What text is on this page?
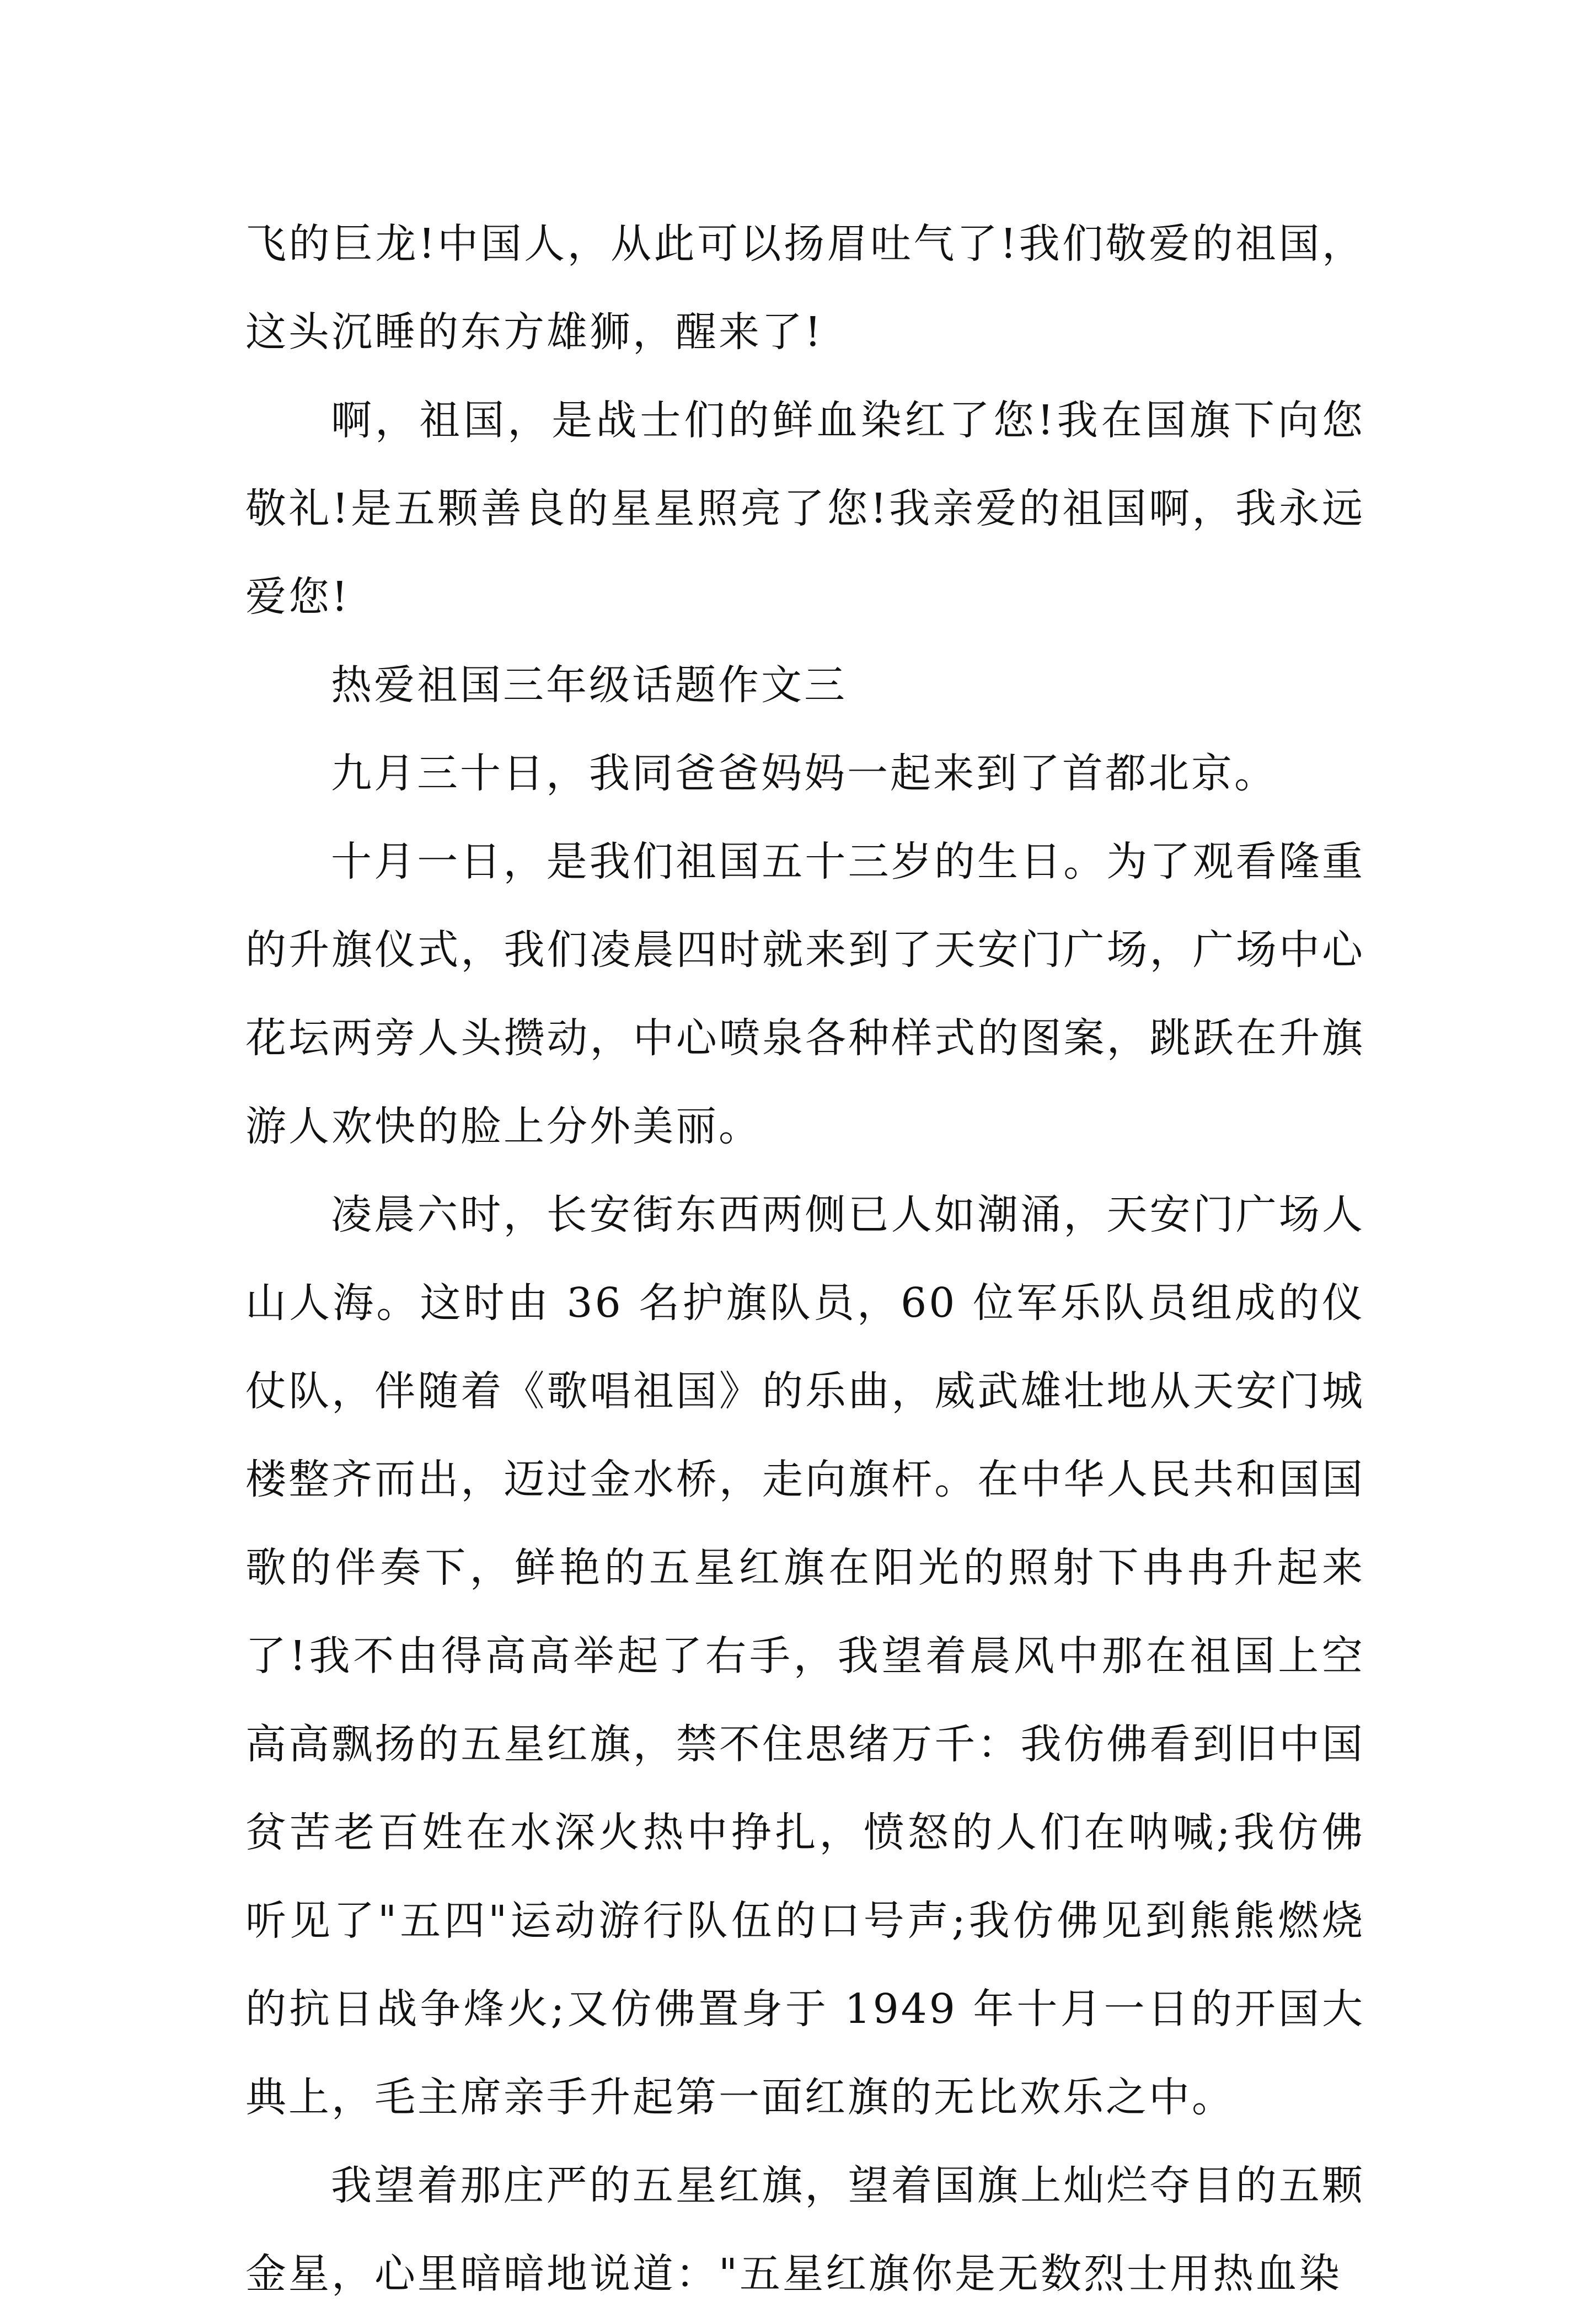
飞的巨龙!中国人，从此可以扬眉吐气了!我们敬爱的祖国，这头沉睡的东方雄狮，醒来了!

啊，祖国，是战士们的鲜血染红了您!我在国旗下向您敬礼!是五颗善良的星星照亮了您!我亲爱的祖国啊，我永远爱您!

热爱祖国三年级话题作文三

九月三十日，我同爸爸妈妈一起来到了首都北京。

十月一日，是我们祖国五十三岁的生日。为了观看隆重的升旗仪式，我们凌晨四时就来到了天安门广场，广场中心花坛两旁人头攒动，中心喷泉各种样式的图案，跳跃在升旗游人欢快的脸上分外美丽。

凌晨六时，长安街东西两侧已人如潮涌，天安门广场人山人海。这时由 36 名护旗队员，60 位军乐队员组成的仪仗队，伴随着《歌唱祖国》的乐曲，威武雄壮地从天安门城楼整齐而出，迈过金水桥，走向旗杆。在中华人民共和国国歌的伴奏下，鲜艳的五星红旗在阳光的照射下冉冉升起来了!我不由得高高举起了右手，我望着晨风中那在祖国上空高高飘扬的五星红旗，禁不住思绪万千：我仿佛看到旧中国贫苦老百姓在水深火热中挣扎，愤怒的人们在呐喊;我仿佛听见了"五四"运动游行队伍的口号声;我仿佛见到熊熊燃烧的抗日战争烽火;又仿佛置身于 1949 年十月一日的开国大典上，毛主席亲手升起第一面红旗的无比欢乐之中。

我望着那庄严的五星红旗，望着国旗上灿烂夺目的五颗金星，心里暗暗地说道："五星红旗你是无数烈士用热血染
